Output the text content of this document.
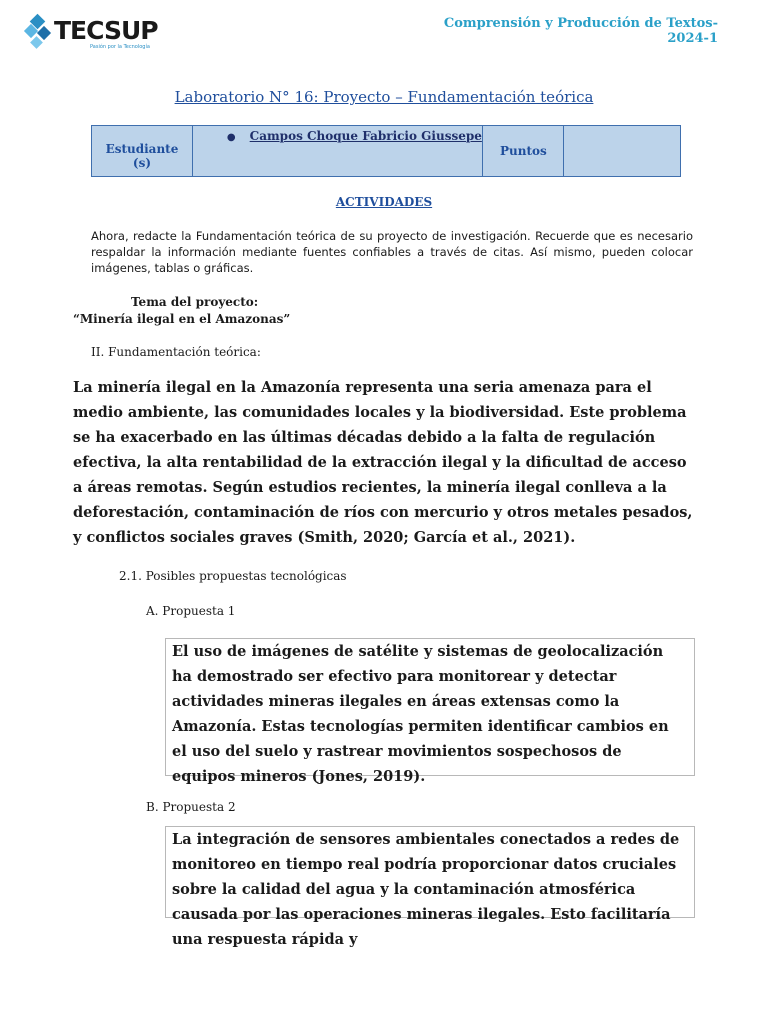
TECSUP
Pasión por la Tecnología
Comprensión y Producción de Textos-
2024-1
Laboratorio N° 16: Proyecto – Fundamentación teórica
Estudiante
(s)
	● Campos Choque Fabricio Giussepe	Puntos	
ACTIVIDADES
Ahora, redacte la Fundamentación teórica de su proyecto de investigación. Recuerde que es necesario respaldar la información mediante fuentes confiables a través de citas. Así mismo, pueden colocar imágenes, tablas o gráficas.
Tema del proyecto:
“Minería ilegal en el Amazonas”
II. Fundamentación teórica:
La minería ilegal en la Amazonía representa una seria amenaza para el medio ambiente, las comunidades locales y la biodiversidad. Este problema se ha exacerbado en las últimas décadas debido a la falta de regulación efectiva, la alta rentabilidad de la extracción ilegal y la dificultad de acceso a áreas remotas. Según estudios recientes, la minería ilegal conlleva a la deforestación, contaminación de ríos con mercurio y otros metales pesados, y conflictos sociales graves (Smith, 2020; García et al., 2021).
2.1. Posibles propuestas tecnológicas
A. Propuesta 1
El uso de imágenes de satélite y sistemas de geolocalización ha demostrado ser efectivo para monitorear y detectar actividades mineras ilegales en áreas extensas como la Amazonía. Estas tecnologías permiten identificar cambios en el uso del suelo y rastrear movimientos sospechosos de equipos mineros (Jones, 2019).
B. Propuesta 2
La integración de sensores ambientales conectados a redes de monitoreo en tiempo real podría proporcionar datos cruciales sobre la calidad del agua y la contaminación atmosférica causada por las operaciones mineras ilegales. Esto facilitaría una respuesta rápida y
